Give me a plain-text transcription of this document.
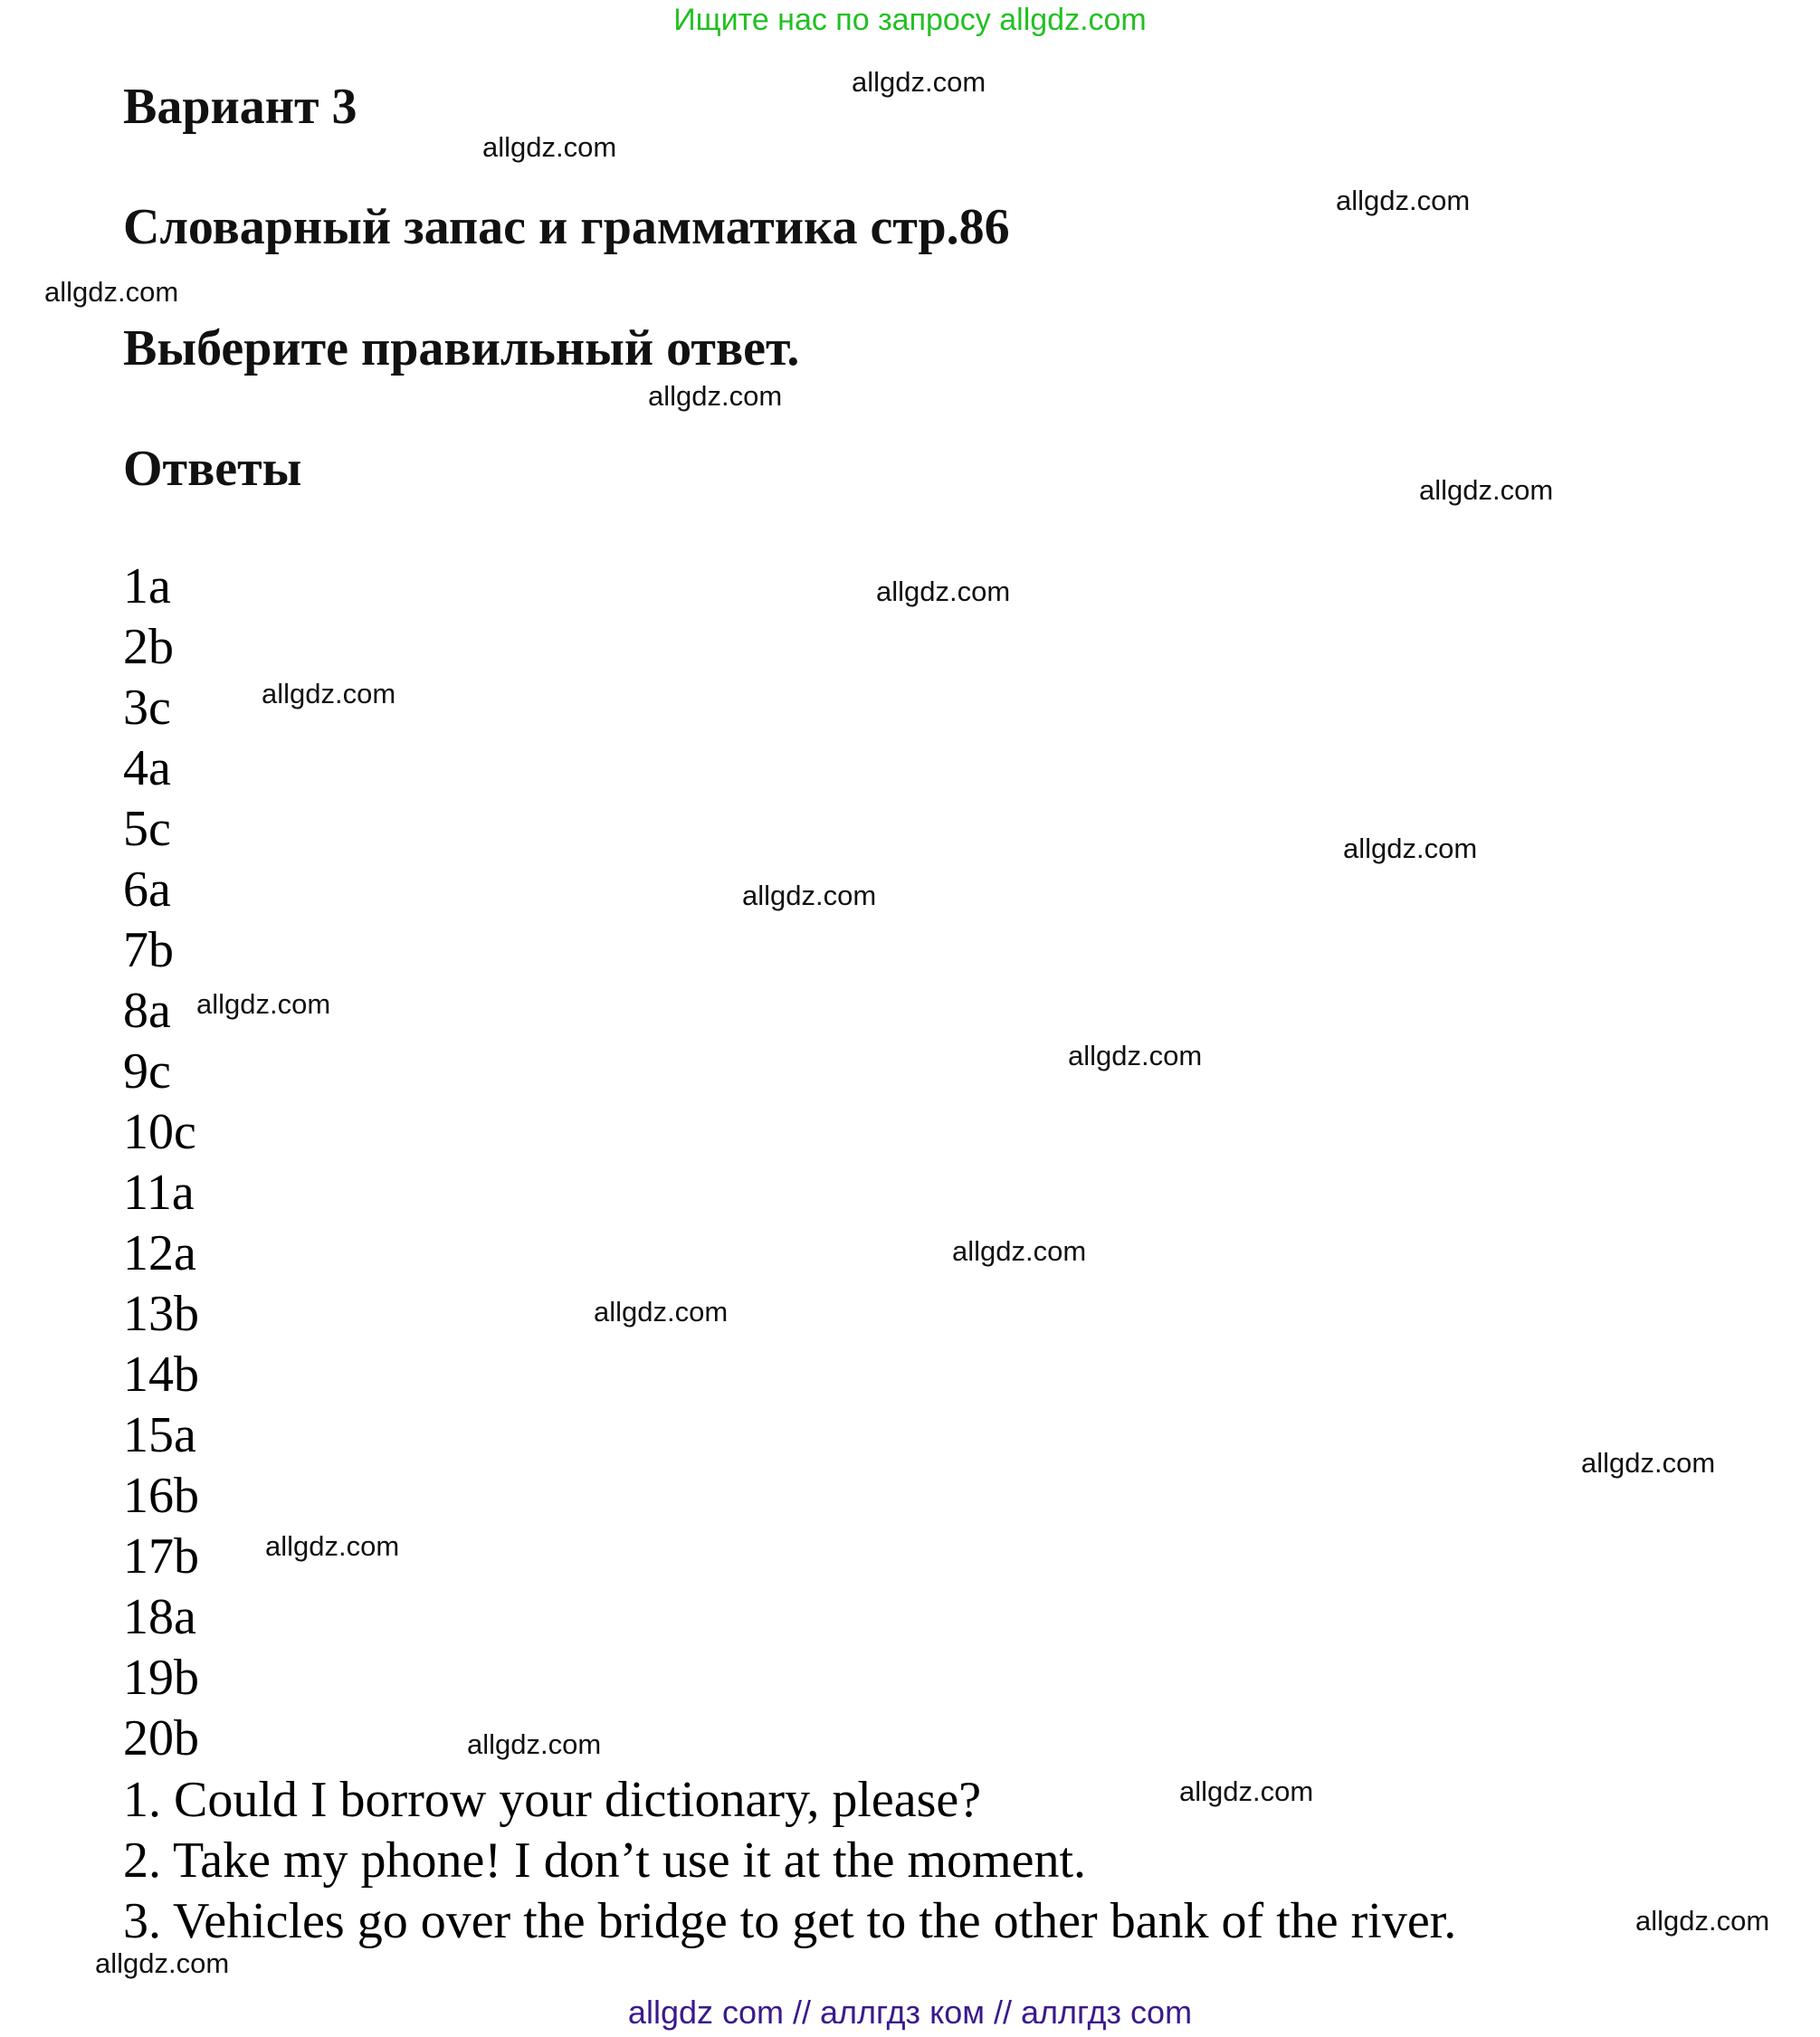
Ищите нас по запросу allgdz.com
Вариант 3
Словарный запас и грамматика стр.86
Выберите правильный ответ.
Ответы
1a
2b
3c
4a
5c
6a
7b
8a
9c
10c
11a
12a
13b
14b
15a
16b
17b
18a
19b
20b
1. Could I borrow your dictionary, please?
2. Take my phone! I don’t use it at the moment.
3. Vehicles go over the bridge to get to the other bank of the river.
allgdz.com
allgdz.com
allgdz.com
allgdz.com
allgdz.com
allgdz.com
allgdz.com
allgdz.com
allgdz.com
allgdz.com
allgdz.com
allgdz.com
allgdz.com
allgdz.com
allgdz.com
allgdz.com
allgdz.com
allgdz.com
allgdz.com
allgdz.com
allgdz com // аллгдз ком // аллгдз com
